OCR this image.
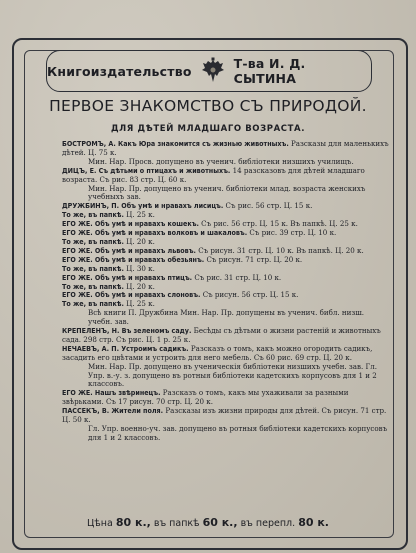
Книгоиздательство	Т-ва И. Д. СЫТИНА
ПЕРВОЕ ЗНАКОМСТВО СЪ ПРИРОДОЙ.
ДЛЯ ДѢТЕЙ МЛАДШАГО ВОЗРАСТА.

БОСТРОМЪ, А. Какъ Юра знакомится съ жизнью животныхъ. Разсказы для маленькихъ дѣтей. Ц. 75 к.

Мин. Нар. Просв. допущено въ ученич. библіотеки низшихъ училищъ.

ДИЦЪ, Е. Съ дѣтьми о птицахъ и животныхъ. 14 разсказовъ для дѣтей младшаго возраста. Съ рис. 83 стр. Ц. 60 к.

Мин. Нар. Пр. допущено въ ученич. библіотеки млад. возраста женскихъ учебныхъ зав.

ДРУЖБИНЪ, П. Объ умѣ и нравахъ лисицъ. Съ рис. 56 стр. Ц. 15 к.

То же, въ папкѣ. Ц. 25 к.

ЕГО ЖЕ. Объ умѣ и нравахъ кошекъ. Съ рис. 56 стр. Ц. 15 к. Въ папкѣ. Ц. 25 к.

ЕГО ЖЕ. Объ умѣ и нравахъ волковъ и шакаловъ. Съ рис. 39 стр. Ц. 10 к.

То же, въ папкѣ. Ц. 20 к.

ЕГО ЖЕ. Объ умѣ и нравахъ львовъ. Съ рисун. 31 стр. Ц. 10 к. Въ папкѣ. Ц. 20 к.

ЕГО ЖЕ. Объ умѣ и нравахъ обезьянъ. Съ рисун. 71 стр. Ц. 20 к.

То же, въ папкѣ. Ц. 30 к.

ЕГО ЖЕ. Объ умѣ и нравахъ птицъ. Съ рис. 31 стр. Ц. 10 к.

То же, въ папкѣ. Ц. 20 к.

ЕГО ЖЕ. Объ умѣ и нравахъ слоновъ. Съ рисун. 56 стр. Ц. 15 к.

То же, въ папкѣ. Ц. 25 к.

Всѣ книги П. Дружбина Мин. Нар. Пр. допущены въ ученич. библ. низш. учебн. зав.

КРЕПЕЛЕНЪ, Н. Въ зеленомъ саду. Бесѣды съ дѣтьми о жизни растеній и животныхъ сада. 298 стр. Съ рис. Ц. 1 р. 25 к.

НЕЧАЕВЪ, А. П. Устроимъ садикъ. Разсказъ о томъ, какъ можно огородить садикъ, засадить его цвѣтами и устроить для него мебель. Съ 60 рис. 69 стр. Ц. 20 к.

Мин. Нар. Пр. допущено въ ученическія библіотеки низшихъ учебн. зав. Гл. Упр. в.-у. з. допущено въ ротныя библіотеки кадетскихъ корпусовъ для 1 и 2 классовъ.

ЕГО ЖЕ. Нашъ звѣринецъ. Разсказъ о томъ, какъ мы ухаживали за разными звѣрьками. Съ 17 рисун. 70 стр. Ц. 20 к.

ПАССЕКЪ, В. Жители поля. Разсказы изъ жизни природы для дѣтей. Съ рисун. 71 стр. Ц. 50 к.

Гл. Упр. военно-уч. зав. допущено въ ротныя библіотеки кадетскихъ корпусовъ для 1 и 2 классовъ.

Цѣна 80 к., въ папкѣ 60 к., въ перепл. 80 к.
